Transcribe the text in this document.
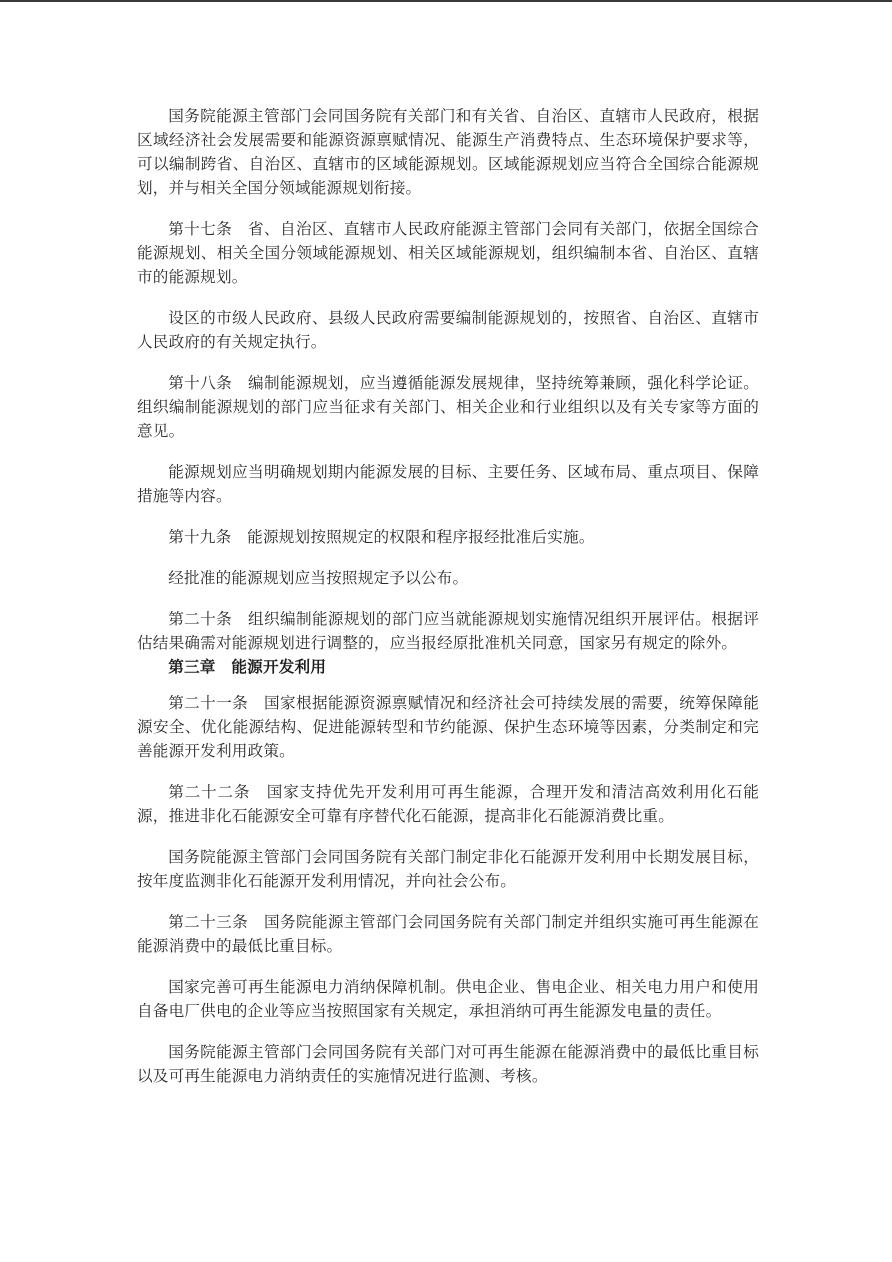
国务院能源主管部门会同国务院有关部门和有关省、自治区、直辖市人民政府，根据区域经济社会发展需要和能源资源禀赋情况、能源生产消费特点、生态环境保护要求等，可以编制跨省、自治区、直辖市的区域能源规划。区域能源规划应当符合全国综合能源规划，并与相关全国分领域能源规划衔接。

第十七条　省、自治区、直辖市人民政府能源主管部门会同有关部门，依据全国综合能源规划、相关全国分领域能源规划、相关区域能源规划，组织编制本省、自治区、直辖市的能源规划。

设区的市级人民政府、县级人民政府需要编制能源规划的，按照省、自治区、直辖市人民政府的有关规定执行。

第十八条　编制能源规划，应当遵循能源发展规律，坚持统筹兼顾，强化科学论证。组织编制能源规划的部门应当征求有关部门、相关企业和行业组织以及有关专家等方面的意见。

能源规划应当明确规划期内能源发展的目标、主要任务、区域布局、重点项目、保障措施等内容。

第十九条　能源规划按照规定的权限和程序报经批准后实施。

经批准的能源规划应当按照规定予以公布。

第二十条　组织编制能源规划的部门应当就能源规划实施情况组织开展评估。根据评估结果确需对能源规划进行调整的，应当报经原批准机关同意，国家另有规定的除外。

第三章　能源开发利用

第二十一条　国家根据能源资源禀赋情况和经济社会可持续发展的需要，统筹保障能源安全、优化能源结构、促进能源转型和节约能源、保护生态环境等因素，分类制定和完善能源开发利用政策。

第二十二条　国家支持优先开发利用可再生能源，合理开发和清洁高效利用化石能源，推进非化石能源安全可靠有序替代化石能源，提高非化石能源消费比重。

国务院能源主管部门会同国务院有关部门制定非化石能源开发利用中长期发展目标，按年度监测非化石能源开发利用情况，并向社会公布。

第二十三条　国务院能源主管部门会同国务院有关部门制定并组织实施可再生能源在能源消费中的最低比重目标。

国家完善可再生能源电力消纳保障机制。供电企业、售电企业、相关电力用户和使用自备电厂供电的企业等应当按照国家有关规定，承担消纳可再生能源发电量的责任。

国务院能源主管部门会同国务院有关部门对可再生能源在能源消费中的最低比重目标以及可再生能源电力消纳责任的实施情况进行监测、考核。
